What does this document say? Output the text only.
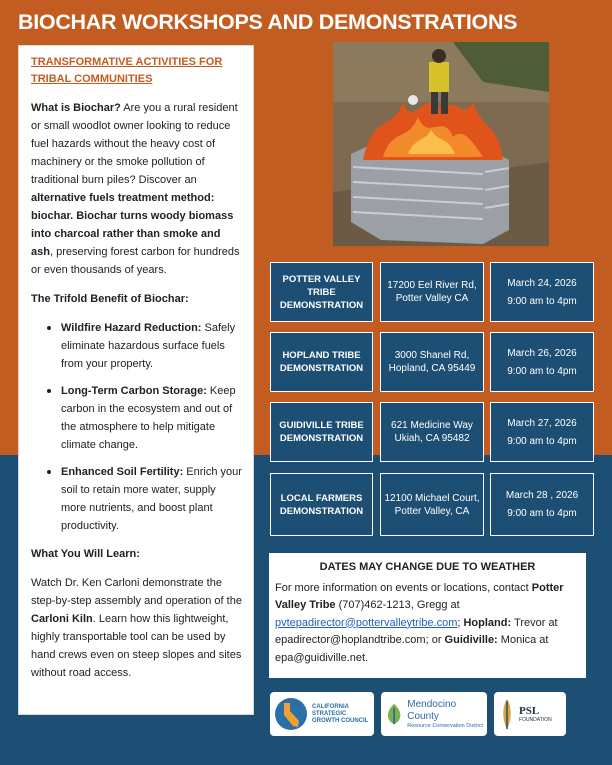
BIOCHAR WORKSHOPS AND DEMONSTRATIONS
TRANSFORMATIVE ACTIVITIES FOR TRIBAL COMMUNITIES

What is Biochar? Are you a rural resident or small woodlot owner looking to reduce fuel hazards without the heavy cost of machinery or the smoke pollution of traditional burn piles? Discover an alternative fuels treatment method: biochar. Biochar turns woody biomass into charcoal rather than smoke and ash, preserving forest carbon for hundreds or even thousands of years.

The Trifold Benefit of Biochar:

Wildfire Hazard Reduction: Safely eliminate hazardous surface fuels from your property.
Long-Term Carbon Storage: Keep carbon in the ecosystem and out of the atmosphere to help mitigate climate change.
Enhanced Soil Fertility: Enrich your soil to retain more water, supply more nutrients, and boost plant productivity.

What You Will Learn:

Watch Dr. Ken Carloni demonstrate the step-by-step assembly and operation of the Carloni Kiln. Learn how this lightweight, highly transportable tool can be used by hand crews even on steep slopes and sites without road access.

POTTER VALLEY TRIBE DEMONSTRATION
17200 Eel River Rd, Potter Valley CA
March 24, 2026
9:00 am to 4pm
HOPLAND TRIBE DEMONSTRATION
3000 Shanel Rd, Hopland, CA 95449
March 26, 2026
9:00 am to 4pm
GUIDIVILLE TRIBE DEMONSTRATION
621 Medicine Way Ukiah, CA 95482
March 27, 2026
9:00 am to 4pm
LOCAL FARMERS DEMONSTRATION
12100 Michael Court, Potter Valley, CA
March 28 , 2026
9:00 am to 4pm
DATES MAY CHANGE DUE TO WEATHER
For more information on events or locations, contact Potter Valley Tribe (707)462-1213, Gregg at pvtepadirector@pottervalleytribe.com; Hopland: Trevor at epadirector@hoplandtribe.com; or Guidiville: Monica at epa@guidiville.net.
CALIFORNIA STRATEGIC GROWTH COUNCIL
Mendocino County
Resource Conservation District
PSL
FOUNDATION
